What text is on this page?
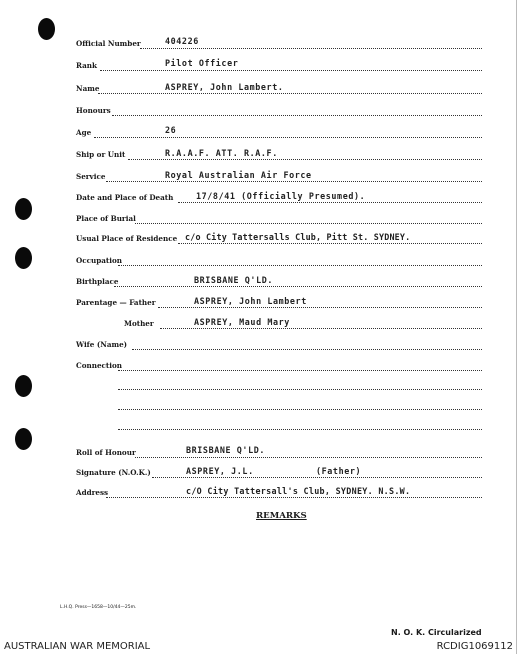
Official Number	404226
Rank	Pilot Officer
Name	ASPREY, John Lambert.
Honours
Age	26
Ship or Unit	R.A.A.F. ATT. R.A.F.
Service	Royal Australian Air Force
Date and Place of Death	17/8/41 (Officially Presumed).
Place of Burial
Usual Place of Residence c/o City Tattersalls Club, Pitt St. SYDNEY.
Occupation
Birthplace	BRISBANE Q'LD.
Parentage — Father	ASPREY, John Lambert
Mother	ASPREY, Maud Mary
Wife (Name)
Connection
Roll of Honour	BRISBANE Q'LD.
Signature (N.O.K.)	ASPREY, J.L.	(Father)
Address	c/O City Tattersall's Club, SYDNEY. N.S.W.
REMARKS
L.H.Q. Press—1658—10/44—25m.
N. O. K. Circularized
AUSTRALIAN WAR MEMORIAL	RCDIG1069112
